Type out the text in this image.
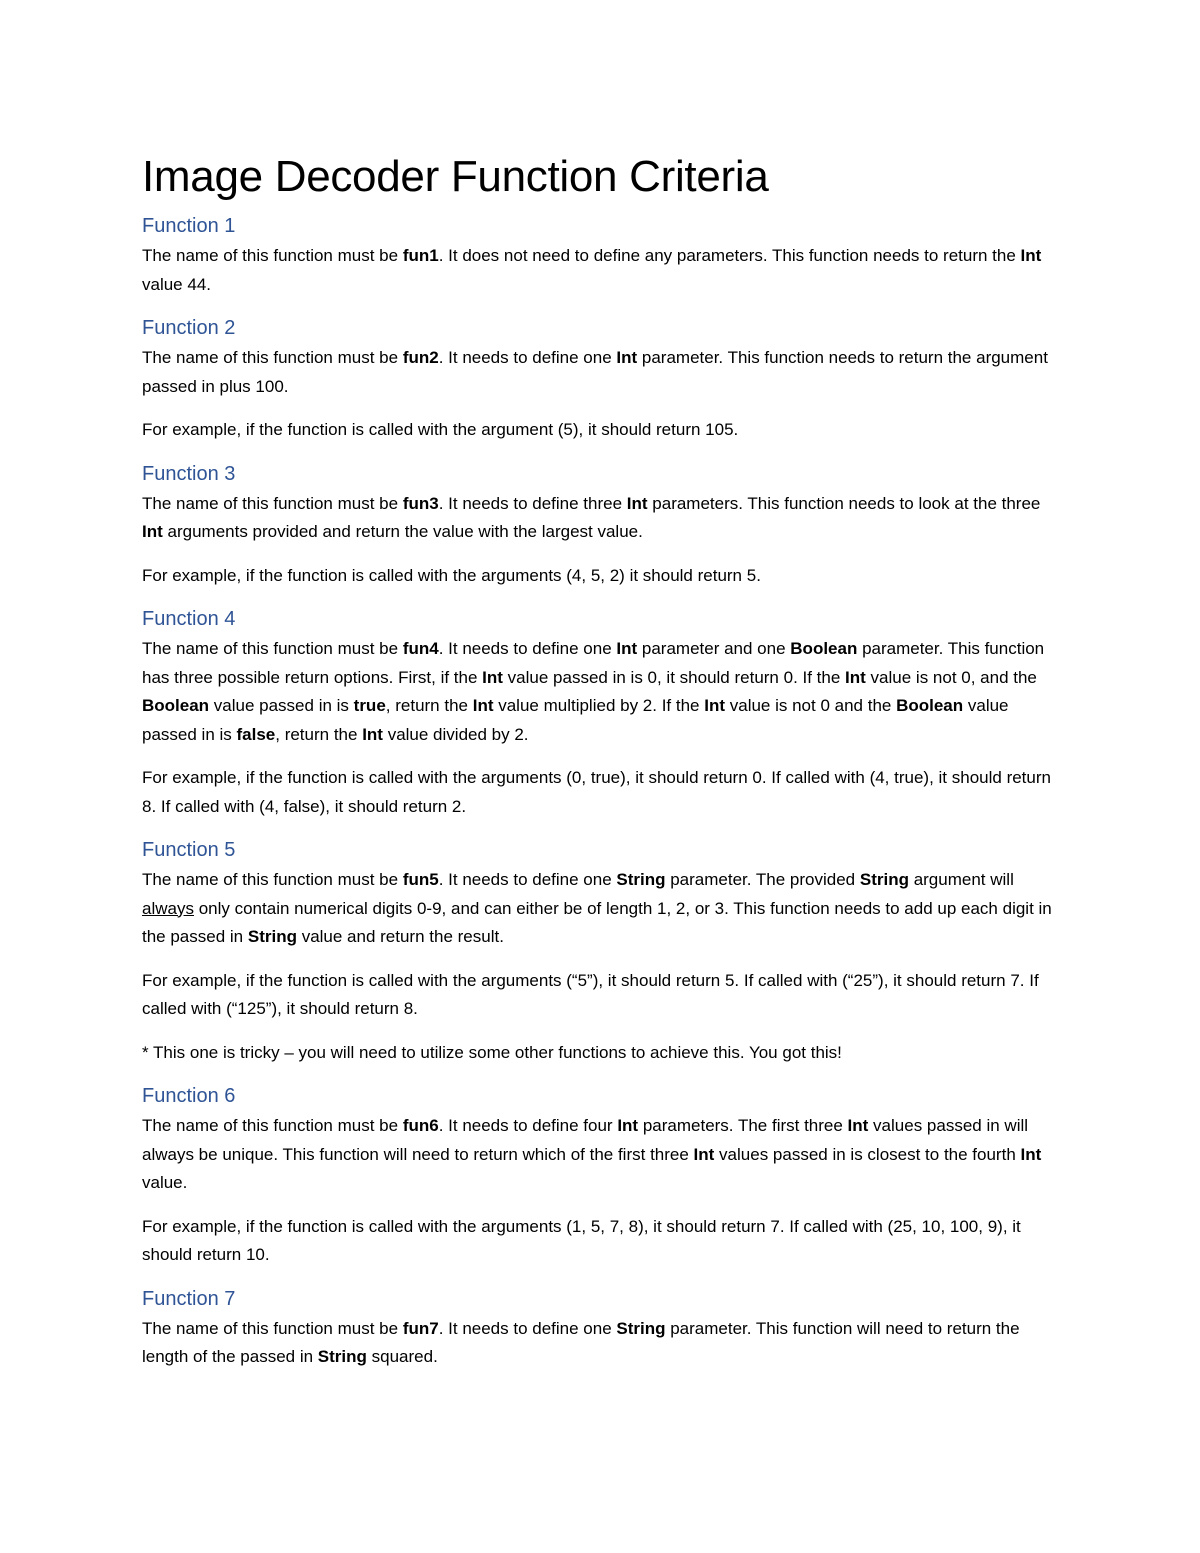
Image Decoder Function Criteria
Function 1

The name of this function must be fun1. It does not need to define any parameters. This function needs to return the Int value 44.

Function 2

The name of this function must be fun2. It needs to define one Int parameter. This function needs to return the argument passed in plus 100.

For example, if the function is called with the argument (5), it should return 105.

Function 3

The name of this function must be fun3. It needs to define three Int parameters. This function needs to look at the three Int arguments provided and return the value with the largest value.

For example, if the function is called with the arguments (4, 5, 2) it should return 5.

Function 4

The name of this function must be fun4. It needs to define one Int parameter and one Boolean parameter. This function has three possible return options. First, if the Int value passed in is 0, it should return 0. If the Int value is not 0, and the Boolean value passed in is true, return the Int value multiplied by 2. If the Int value is not 0 and the Boolean value passed in is false, return the Int value divided by 2.

For example, if the function is called with the arguments (0, true), it should return 0. If called with (4, true), it should return 8. If called with (4, false), it should return 2.

Function 5

The name of this function must be fun5. It needs to define one String parameter. The provided String argument will always only contain numerical digits 0-9, and can either be of length 1, 2, or 3. This function needs to add up each digit in the passed in String value and return the result.

For example, if the function is called with the arguments (“5”), it should return 5. If called with (“25”), it should return 7. If called with (“125”), it should return 8.

* This one is tricky – you will need to utilize some other functions to achieve this. You got this!

Function 6

The name of this function must be fun6. It needs to define four Int parameters. The first three Int values passed in will always be unique. This function will need to return which of the first three Int values passed in is closest to the fourth Int value.

For example, if the function is called with the arguments (1, 5, 7, 8), it should return 7. If called with (25, 10, 100, 9), it should return 10.

Function 7

The name of this function must be fun7. It needs to define one String parameter. This function will need to return the length of the passed in String squared.
